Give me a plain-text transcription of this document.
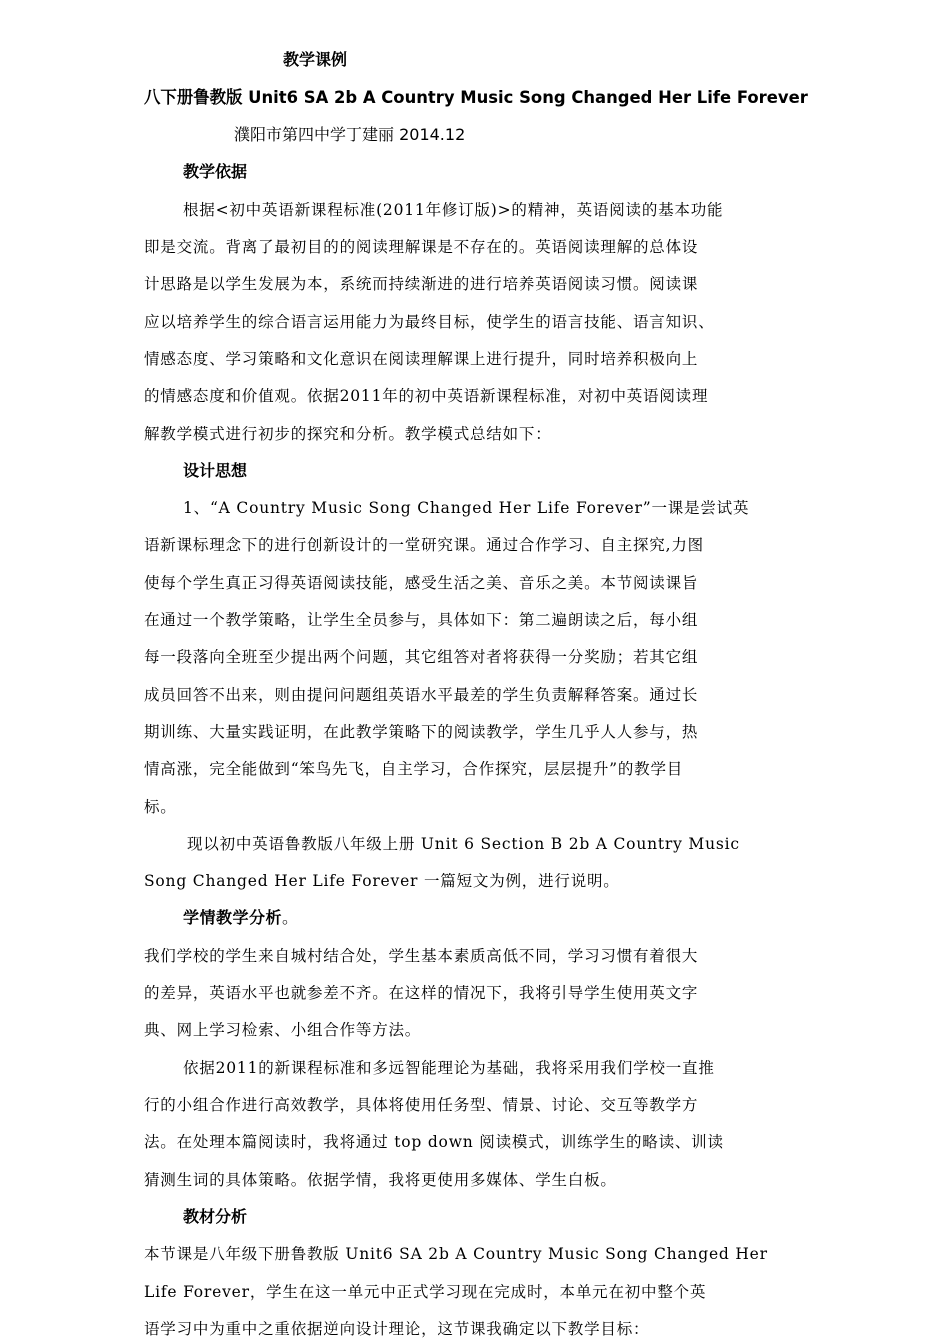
教学课例
八下册鲁教版 Unit6 SA 2b A Country Music Song Changed Her Life Forever
濮阳市第四中学丁建丽 2014.12
教学依据
根据<初中英语新课程标准(2011年修订版)>的精神，英语阅读的基本功能
即是交流。背离了最初目的的阅读理解课是不存在的。英语阅读理解的总体设
计思路是以学生发展为本，系统而持续渐进的进行培养英语阅读习惯。阅读课
应以培养学生的综合语言运用能力为最终目标，使学生的语言技能、语言知识、
情感态度、学习策略和文化意识在阅读理解课上进行提升，同时培养积极向上
的情感态度和价值观。依据2011年的初中英语新课程标准，对初中英语阅读理
解教学模式进行初步的探究和分析。教学模式总结如下：
设计思想
1、“A Country Music Song Changed Her Life Forever”一课是尝试英
语新课标理念下的进行创新设计的一堂研究课。通过合作学习、自主探究,力图
使每个学生真正习得英语阅读技能，感受生活之美、音乐之美。本节阅读课旨
在通过一个教学策略，让学生全员参与，具体如下：第二遍朗读之后，每小组
每一段落向全班至少提出两个问题，其它组答对者将获得一分奖励；若其它组
成员回答不出来，则由提问问题组英语水平最差的学生负责解释答案。通过长
期训练、大量实践证明，在此教学策略下的阅读教学，学生几乎人人参与，热
情高涨，完全能做到“笨鸟先飞，自主学习，合作探究，层层提升”的教学目
标。
现以初中英语鲁教版八年级上册 Unit 6 Section B 2b A Country Music
Song Changed Her Life Forever 一篇短文为例，进行说明。
学情教学分析。
我们学校的学生来自城村结合处，学生基本素质高低不同，学习习惯有着很大
的差异，英语水平也就参差不齐。在这样的情况下，我将引导学生使用英文字
典、网上学习检索、小组合作等方法。
依据2011的新课程标准和多远智能理论为基础，我将采用我们学校一直推
行的小组合作进行高效教学，具体将使用任务型、情景、讨论、交互等教学方
法。在处理本篇阅读时，我将通过 top down 阅读模式，训练学生的略读、训读
猜测生词的具体策略。依据学情，我将更使用多媒体、学生白板。
教材分析
本节课是八年级下册鲁教版 Unit6 SA 2b A Country Music Song Changed Her
Life Forever，学生在这一单元中正式学习现在完成时，本单元在初中整个英
语学习中为重中之重依据逆向设计理论，这节课我确定以下教学目标：
